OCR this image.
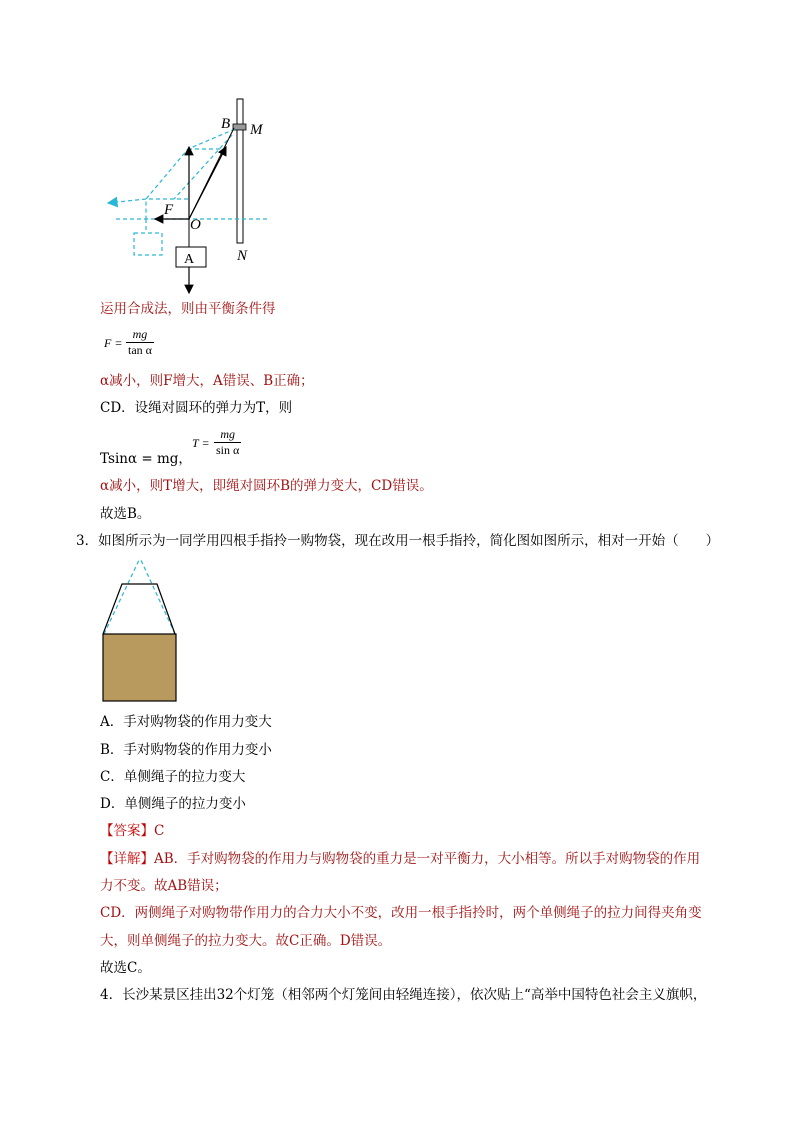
B M
F
O
N
A
运用合成法，则由平衡条件得
$F = \frac{mg}{\text{tan α}}$
α减小，则F增大，A错误、B正确；
CD．设绳对圆环的弹力为T，则
Tsinα = mg，
$T = \frac{mg}{\text{sin α}}$
α减小，则T增大，即绳对圆环B的弹力变大，CD错误。
故选B。
3．如图所示为一同学用四根手指拎一购物袋，现在改用一根手指拎，简化图如图所示，相对一开始（　　）
A．手对购物袋的作用力变大
B．手对购物袋的作用力变小
C．单侧绳子的拉力变大
D．单侧绳子的拉力变小
【答案】C
【详解】AB．手对购物袋的作用力与购物袋的重力是一对平衡力，大小相等。所以手对购物袋的作用
力不变。故AB错误；
CD．两侧绳子对购物带作用力的合力大小不变，改用一根手指拎时，两个单侧绳子的拉力间得夹角变
大，则单侧绳子的拉力变大。故C正确。D错误。
故选C。
4．长沙某景区挂出32个灯笼（相邻两个灯笼间由轻绳连接），依次贴上“高举中国特色社会主义旗帜，
